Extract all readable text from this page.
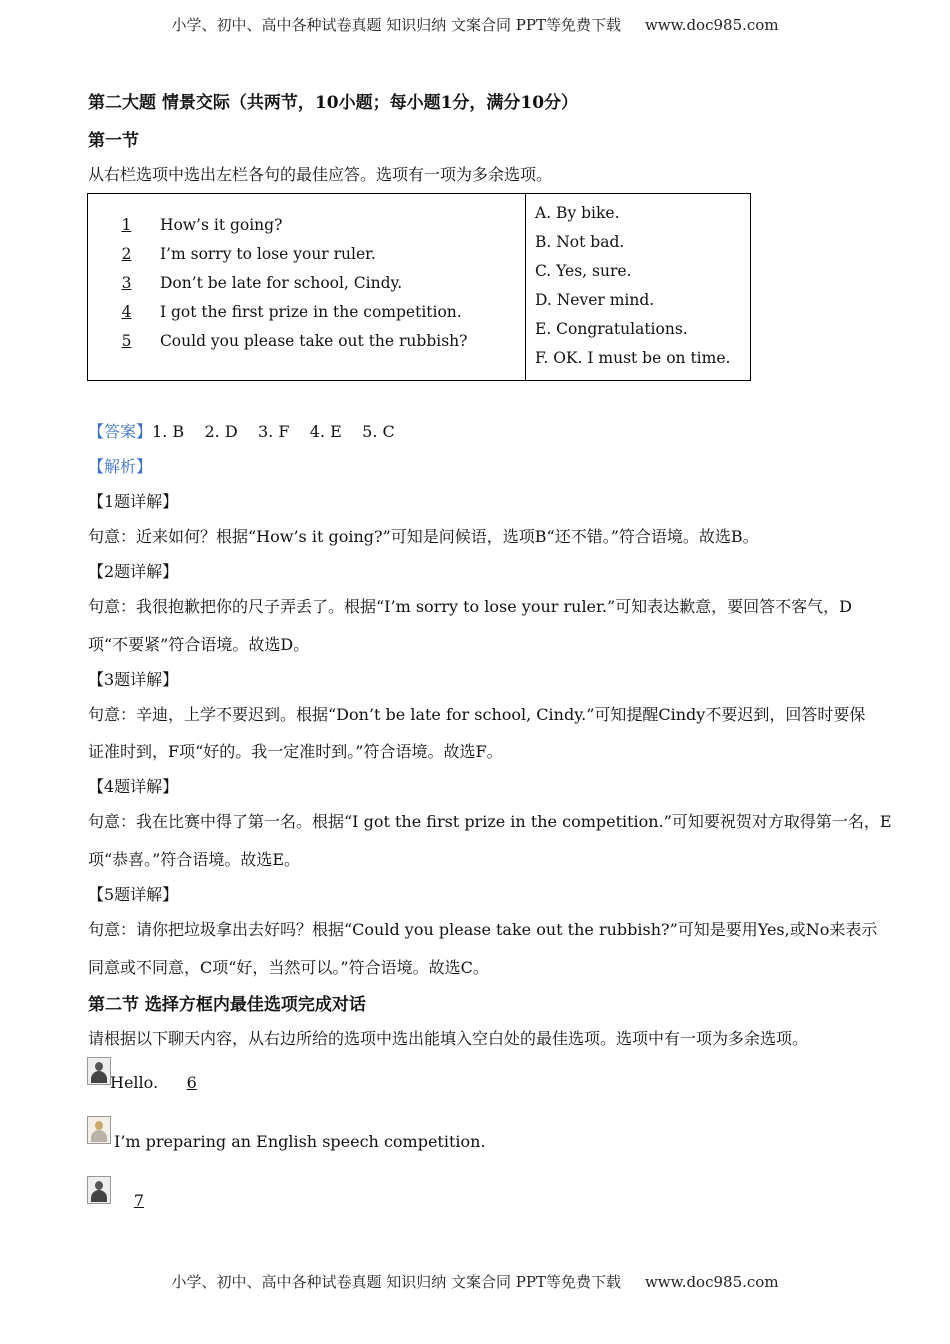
小学、初中、高中各种试卷真题 知识归纳 文案合同 PPT等免费下载 www.doc985.com
第二大题 情景交际（共两节，10小题；每小题1分，满分10分）
第一节
从右栏选项中选出左栏各句的最佳应答。选项有一项为多余选项。
1 How’s it going?
2 I’m sorry to lose your ruler.
3 Don’t be late for school, Cindy.
4 I got the first prize in the competition.
5 Could you please take out the rubbish?

A. By bike.
B. Not bad.
C. Yes, sure.
D. Never mind.
E. Congratulations.
F. OK. I must be on time.
【答案】1. B    2. D    3. F    4. E    5. C
【解析】
【1题详解】
句意：近来如何？根据“How’s it going?”可知是问候语，选项B“还不错。”符合语境。故选B。
【2题详解】
句意：我很抱歉把你的尺子弄丢了。根据“I’m sorry to lose your ruler.”可知表达歉意，要回答不客气，D
项“不要紧”符合语境。故选D。
【3题详解】
句意：辛迪，上学不要迟到。根据“Don’t be late for school, Cindy.”可知提醒Cindy不要迟到，回答时要保
证准时到，F项“好的。我一定准时到。”符合语境。故选F。
【4题详解】
句意：我在比赛中得了第一名。根据“I got the first prize in the competition.”可知要祝贺对方取得第一名，E
项“恭喜。”符合语境。故选E。
【5题详解】
句意：请你把垃圾拿出去好吗？根据“Could you please take out the rubbish?”可知是要用Yes,或No来表示
同意或不同意，C项“好，当然可以。”符合语境。故选C。
第二节 选择方框内最佳选项完成对话
请根据以下聊天内容，从右边所给的选项中选出能填入空白处的最佳选项。选项中有一项为多余选项。
Hello. 6
I’m preparing an English speech competition.
7
小学、初中、高中各种试卷真题 知识归纳 文案合同 PPT等免费下载 www.doc985.com
